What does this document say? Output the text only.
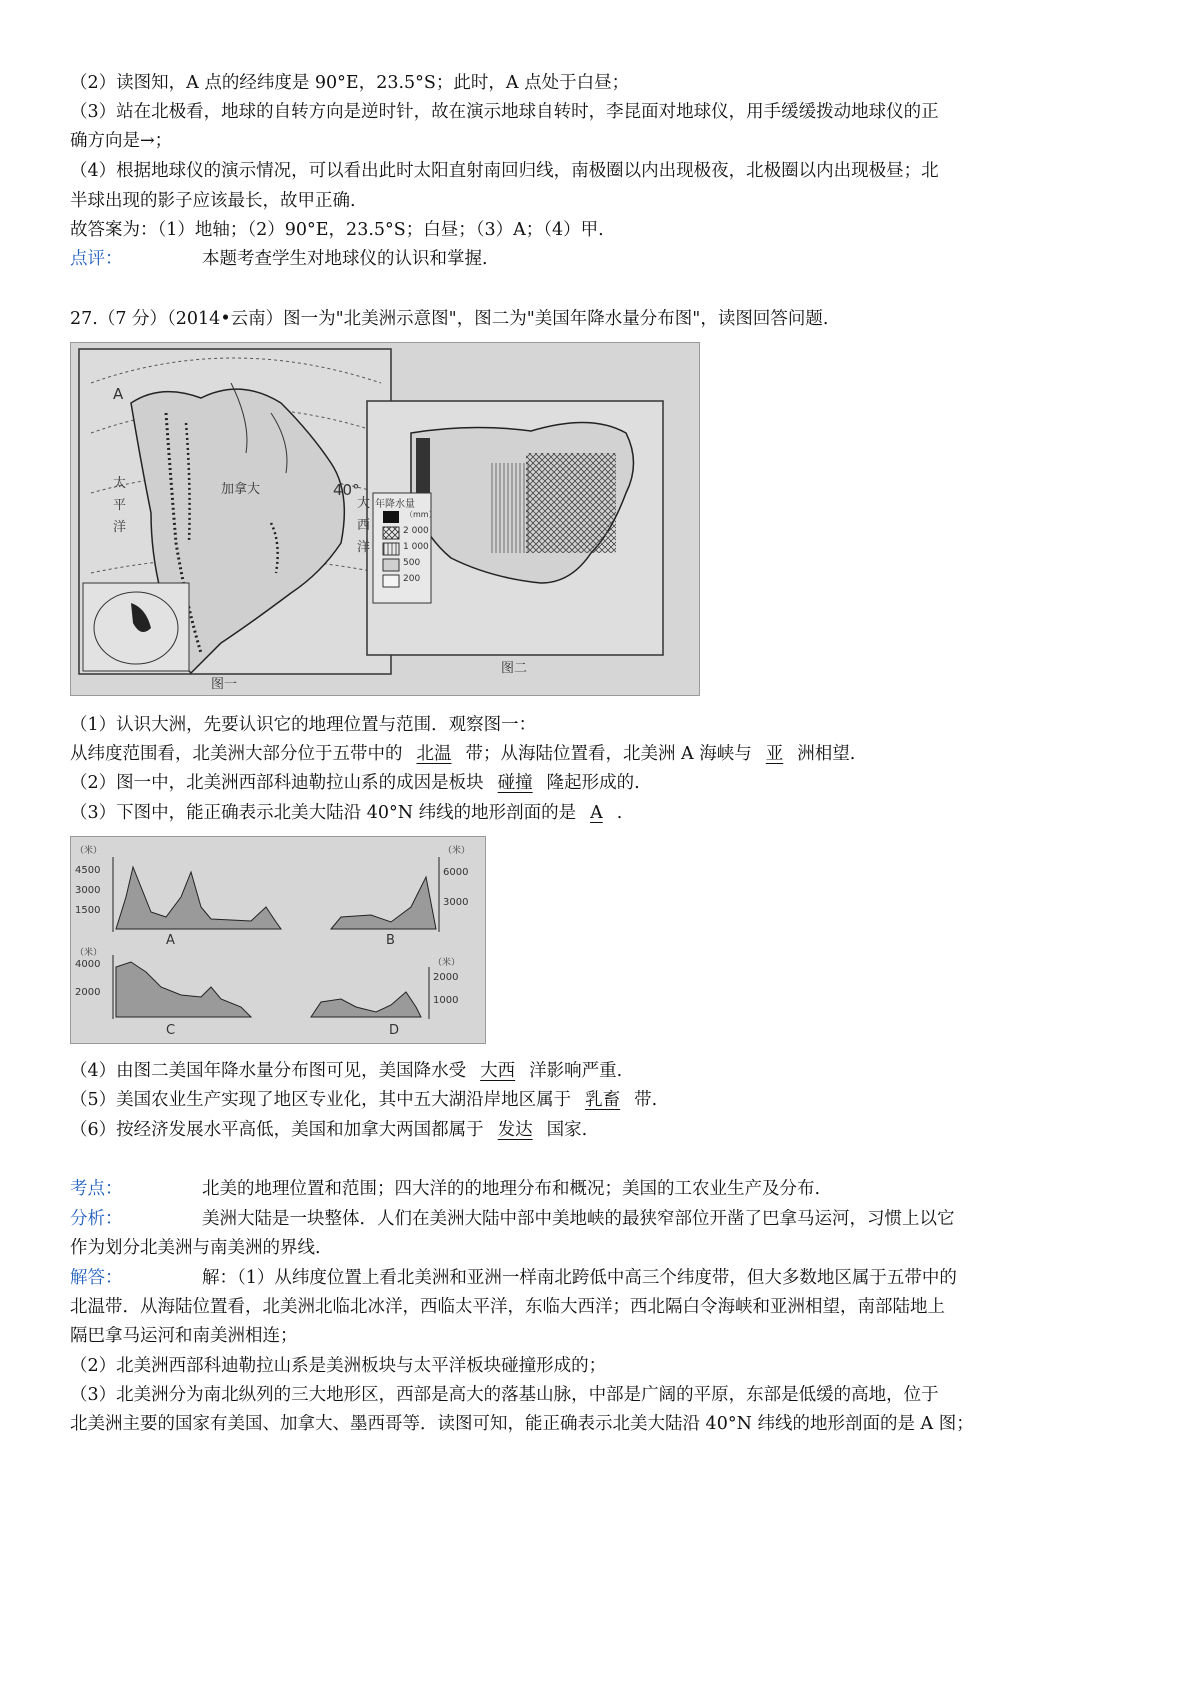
（2）读图知，A 点的经纬度是 90°E，23.5°S；此时，A 点处于白昼；
（3）站在北极看，地球的自转方向是逆时针，故在演示地球自转时，李昆面对地球仪，用手缓缓拨动地球仪的正
确方向是→；
（4）根据地球仪的演示情况，可以看出此时太阳直射南回归线，南极圈以内出现极夜，北极圈以内出现极昼；北
半球出现的影子应该最长，故甲正确.
故答案为：（1）地轴；（2）90°E，23.5°S；白昼；（3）A；（4）甲.
点评：	本题考查学生对地球仪的认识和掌握.
27.（7 分）（2014•云南）图一为"北美洲示意图"，图二为"美国年降水量分布图"，读图回答问题.
A
40°
太平洋
大西洋
加拿大
年降水量
（mm）
2 000
1 000
500
200
图一
图二
（1）认识大洲，先要认识它的地理位置与范围．观察图一：
从纬度范围看，北美洲大部分位于五带中的 北温 带；从海陆位置看，北美洲 A 海峡与 亚 洲相望.
（2）图一中，北美洲西部科迪勒拉山系的成因是板块 碰撞 隆起形成的.
（3）下图中，能正确表示北美大陆沿 40°N 纬线的地形剖面的是 A .
（米）
4500
3000
1500
A
（米）
6000
3000
B
（米）
4000
2000
C
（米）
2000
1000
D
（4）由图二美国年降水量分布图可见，美国降水受 大西 洋影响严重.
（5）美国农业生产实现了地区专业化，其中五大湖沿岸地区属于 乳畜 带.
（6）按经济发展水平高低，美国和加拿大两国都属于 发达 国家.
考点：	北美的地理位置和范围；四大洋的的地理分布和概况；美国的工农业生产及分布.
分析：	美洲大陆是一块整体．人们在美洲大陆中部中美地峡的最狭窄部位开凿了巴拿马运河，习惯上以它
作为划分北美洲与南美洲的界线.
解答：	解：（1）从纬度位置上看北美洲和亚洲一样南北跨低中高三个纬度带，但大多数地区属于五带中的
北温带．从海陆位置看，北美洲北临北冰洋，西临太平洋，东临大西洋；西北隔白令海峡和亚洲相望，南部陆地上
隔巴拿马运河和南美洲相连；
（2）北美洲西部科迪勒拉山系是美洲板块与太平洋板块碰撞形成的；
（3）北美洲分为南北纵列的三大地形区，西部是高大的落基山脉，中部是广阔的平原，东部是低缓的高地，位于
北美洲主要的国家有美国、加拿大、墨西哥等．读图可知，能正确表示北美大陆沿 40°N 纬线的地形剖面的是 A 图；
